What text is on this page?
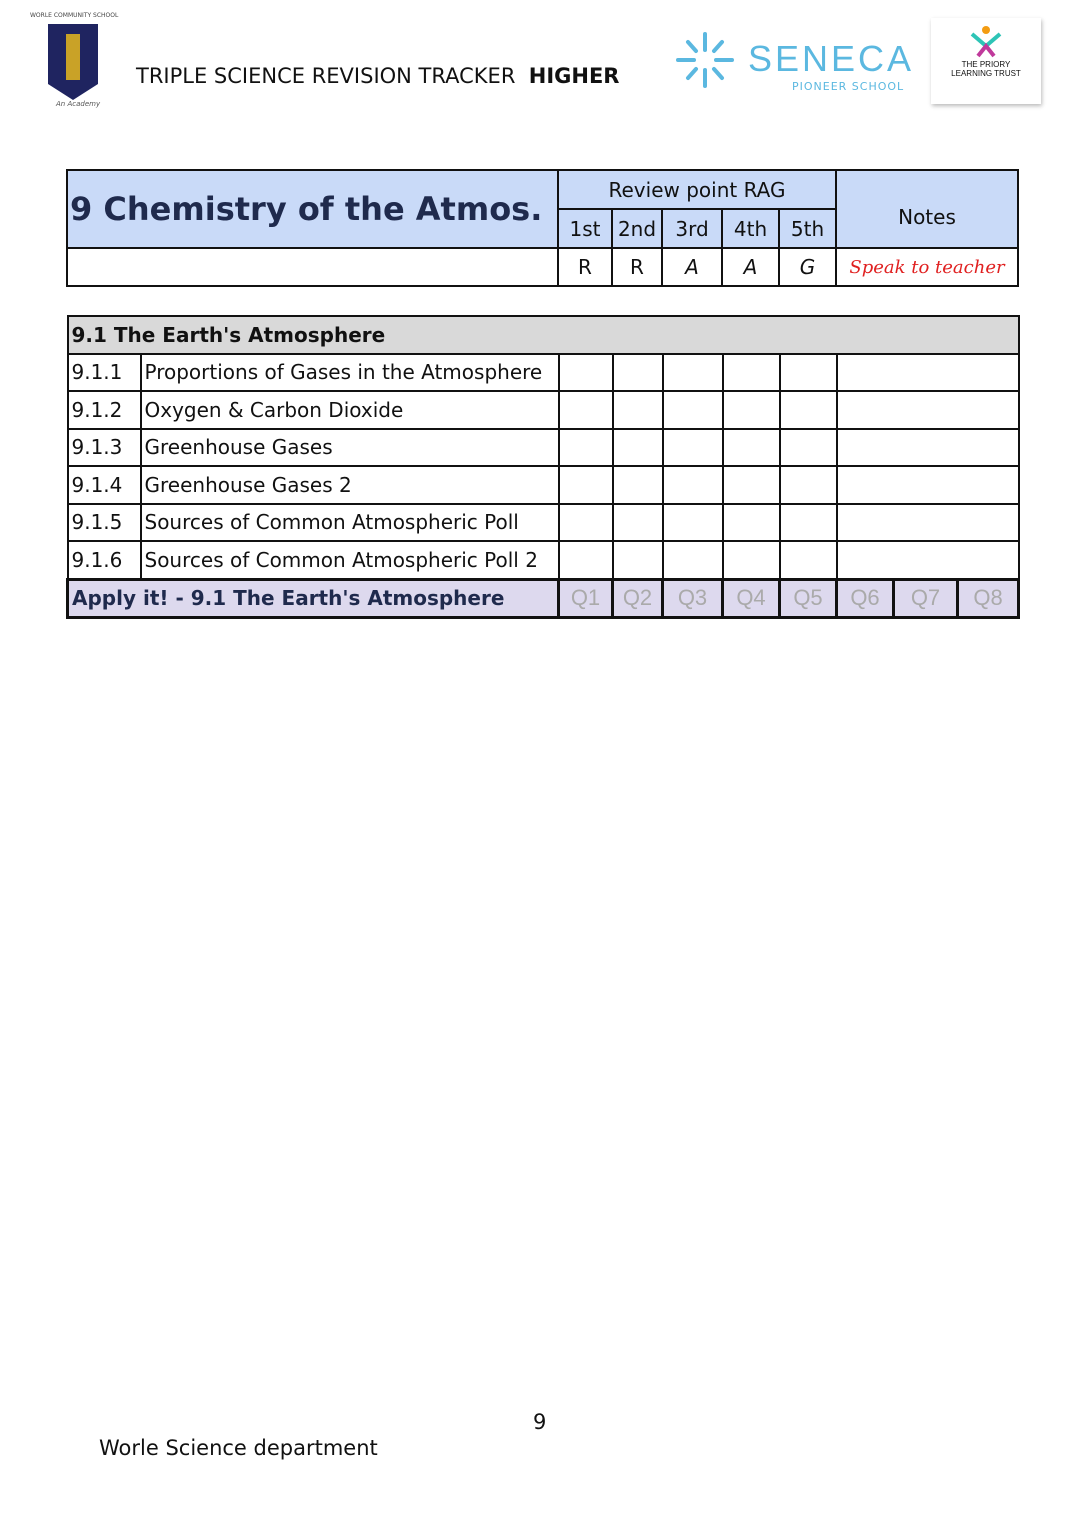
WORLE COMMUNITY SCHOOL
An Academy
TRIPLE SCIENCE REVISION TRACKER HIGHER	SENECA
PIONEER SCHOOL
THE PRIORY
LEARNING TRUST
9 Chemistry of the Atmos.	Review point RAG					Notes
	1st	2nd	3rd	4th	5th	
	R	R	A	A	G	Speak to teacher
9.1 The Earth's Atmosphere									
9.1.1	Proportions of Gases in the Atmosphere								
9.1.2	Oxygen & Carbon Dioxide								
9.1.3	Greenhouse Gases								
9.1.4	Greenhouse Gases 2								
9.1.5	Sources of Common Atmospheric Poll								
9.1.6	Sources of Common Atmospheric Poll 2								
Apply it! - 9.1 The Earth's Atmosphere		Q1	Q2	Q3	Q4	Q5	Q6	Q7	Q8
9
Worle Science department
